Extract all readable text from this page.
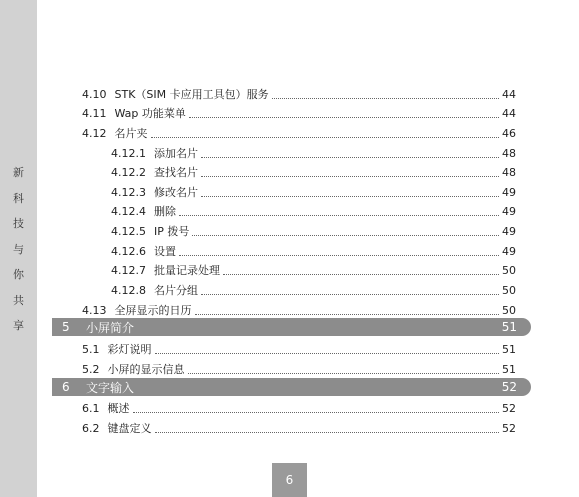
新
科
技
与
你
共
享
4.10 STK（SIM 卡应用工具包）服务	44
4.11 Wap 功能菜单	44
4.12 名片夹	46
4.12.1 添加名片	48
4.12.2 查找名片	48
4.12.3 修改名片	49
4.12.4 删除	49
4.12.5 IP 拨号	49
4.12.6 设置	49
4.12.7 批量记录处理	50
4.12.8 名片分组	50
4.13 全屏显示的日历	50
5	小屏简介	51
5.1 彩灯说明	51
5.2 小屏的显示信息	51
6	文字输入	52
6.1 概述	52
6.2 键盘定义	52
6
